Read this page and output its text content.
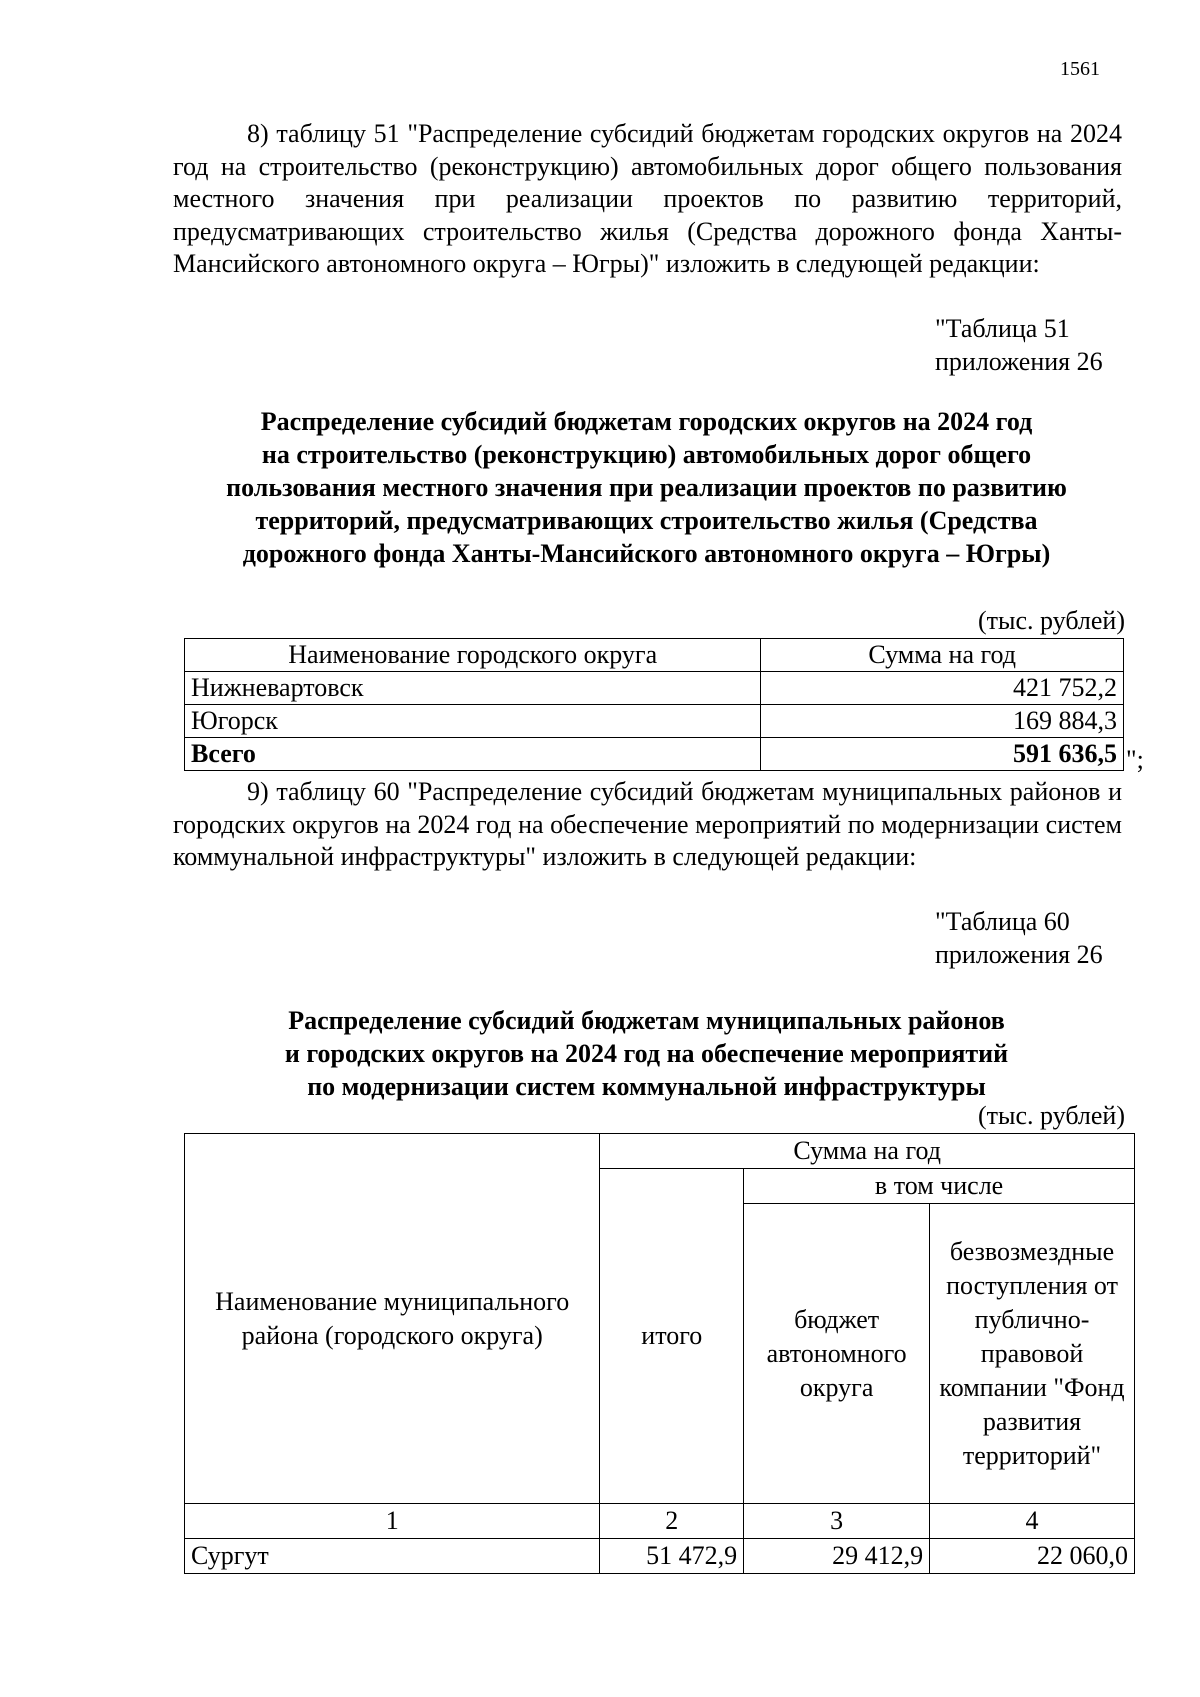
1561
8) таблицу 51 "Распределение субсидий бюджетам городских округов на 2024 год на строительство (реконструкцию) автомобильных дорог общего пользования местного значения при реализации проектов по развитию территорий, предусматривающих строительство жилья (Средства дорожного фонда Ханты-Мансийского автономного округа – Югры)" изложить в следующей редакции:
"Таблица 51
приложения 26
Распределение субсидий бюджетам городских округов на 2024 год
на строительство (реконструкцию) автомобильных дорог общего
пользования местного значения при реализации проектов по развитию
территорий, предусматривающих строительство жилья (Средства
дорожного фонда Ханты-Мансийского автономного округа – Югры)
(тыс. рублей)
Наименование городского округа	Сумма на год
Нижневартовск	421 752,2
Югорск	169 884,3
Всего	591 636,5 ";
9) таблицу 60 "Распределение субсидий бюджетам муниципальных районов и городских округов на 2024 год на обеспечение мероприятий по модернизации систем коммунальной инфраструктуры" изложить в следующей редакции:
"Таблица 60
приложения 26
Распределение субсидий бюджетам муниципальных районов
и городских округов на 2024 год на обеспечение мероприятий
по модернизации систем коммунальной инфраструктуры
(тыс. рублей)
Наименование муниципального района (городского округа)	Сумма на год		
	итого	в том числе	
		бюджет автономного округа	безвозмездные поступления от публично-правовой компании "Фонд развития территорий"
1	2	3	4
Сургут	51 472,9	29 412,9	22 060,0
